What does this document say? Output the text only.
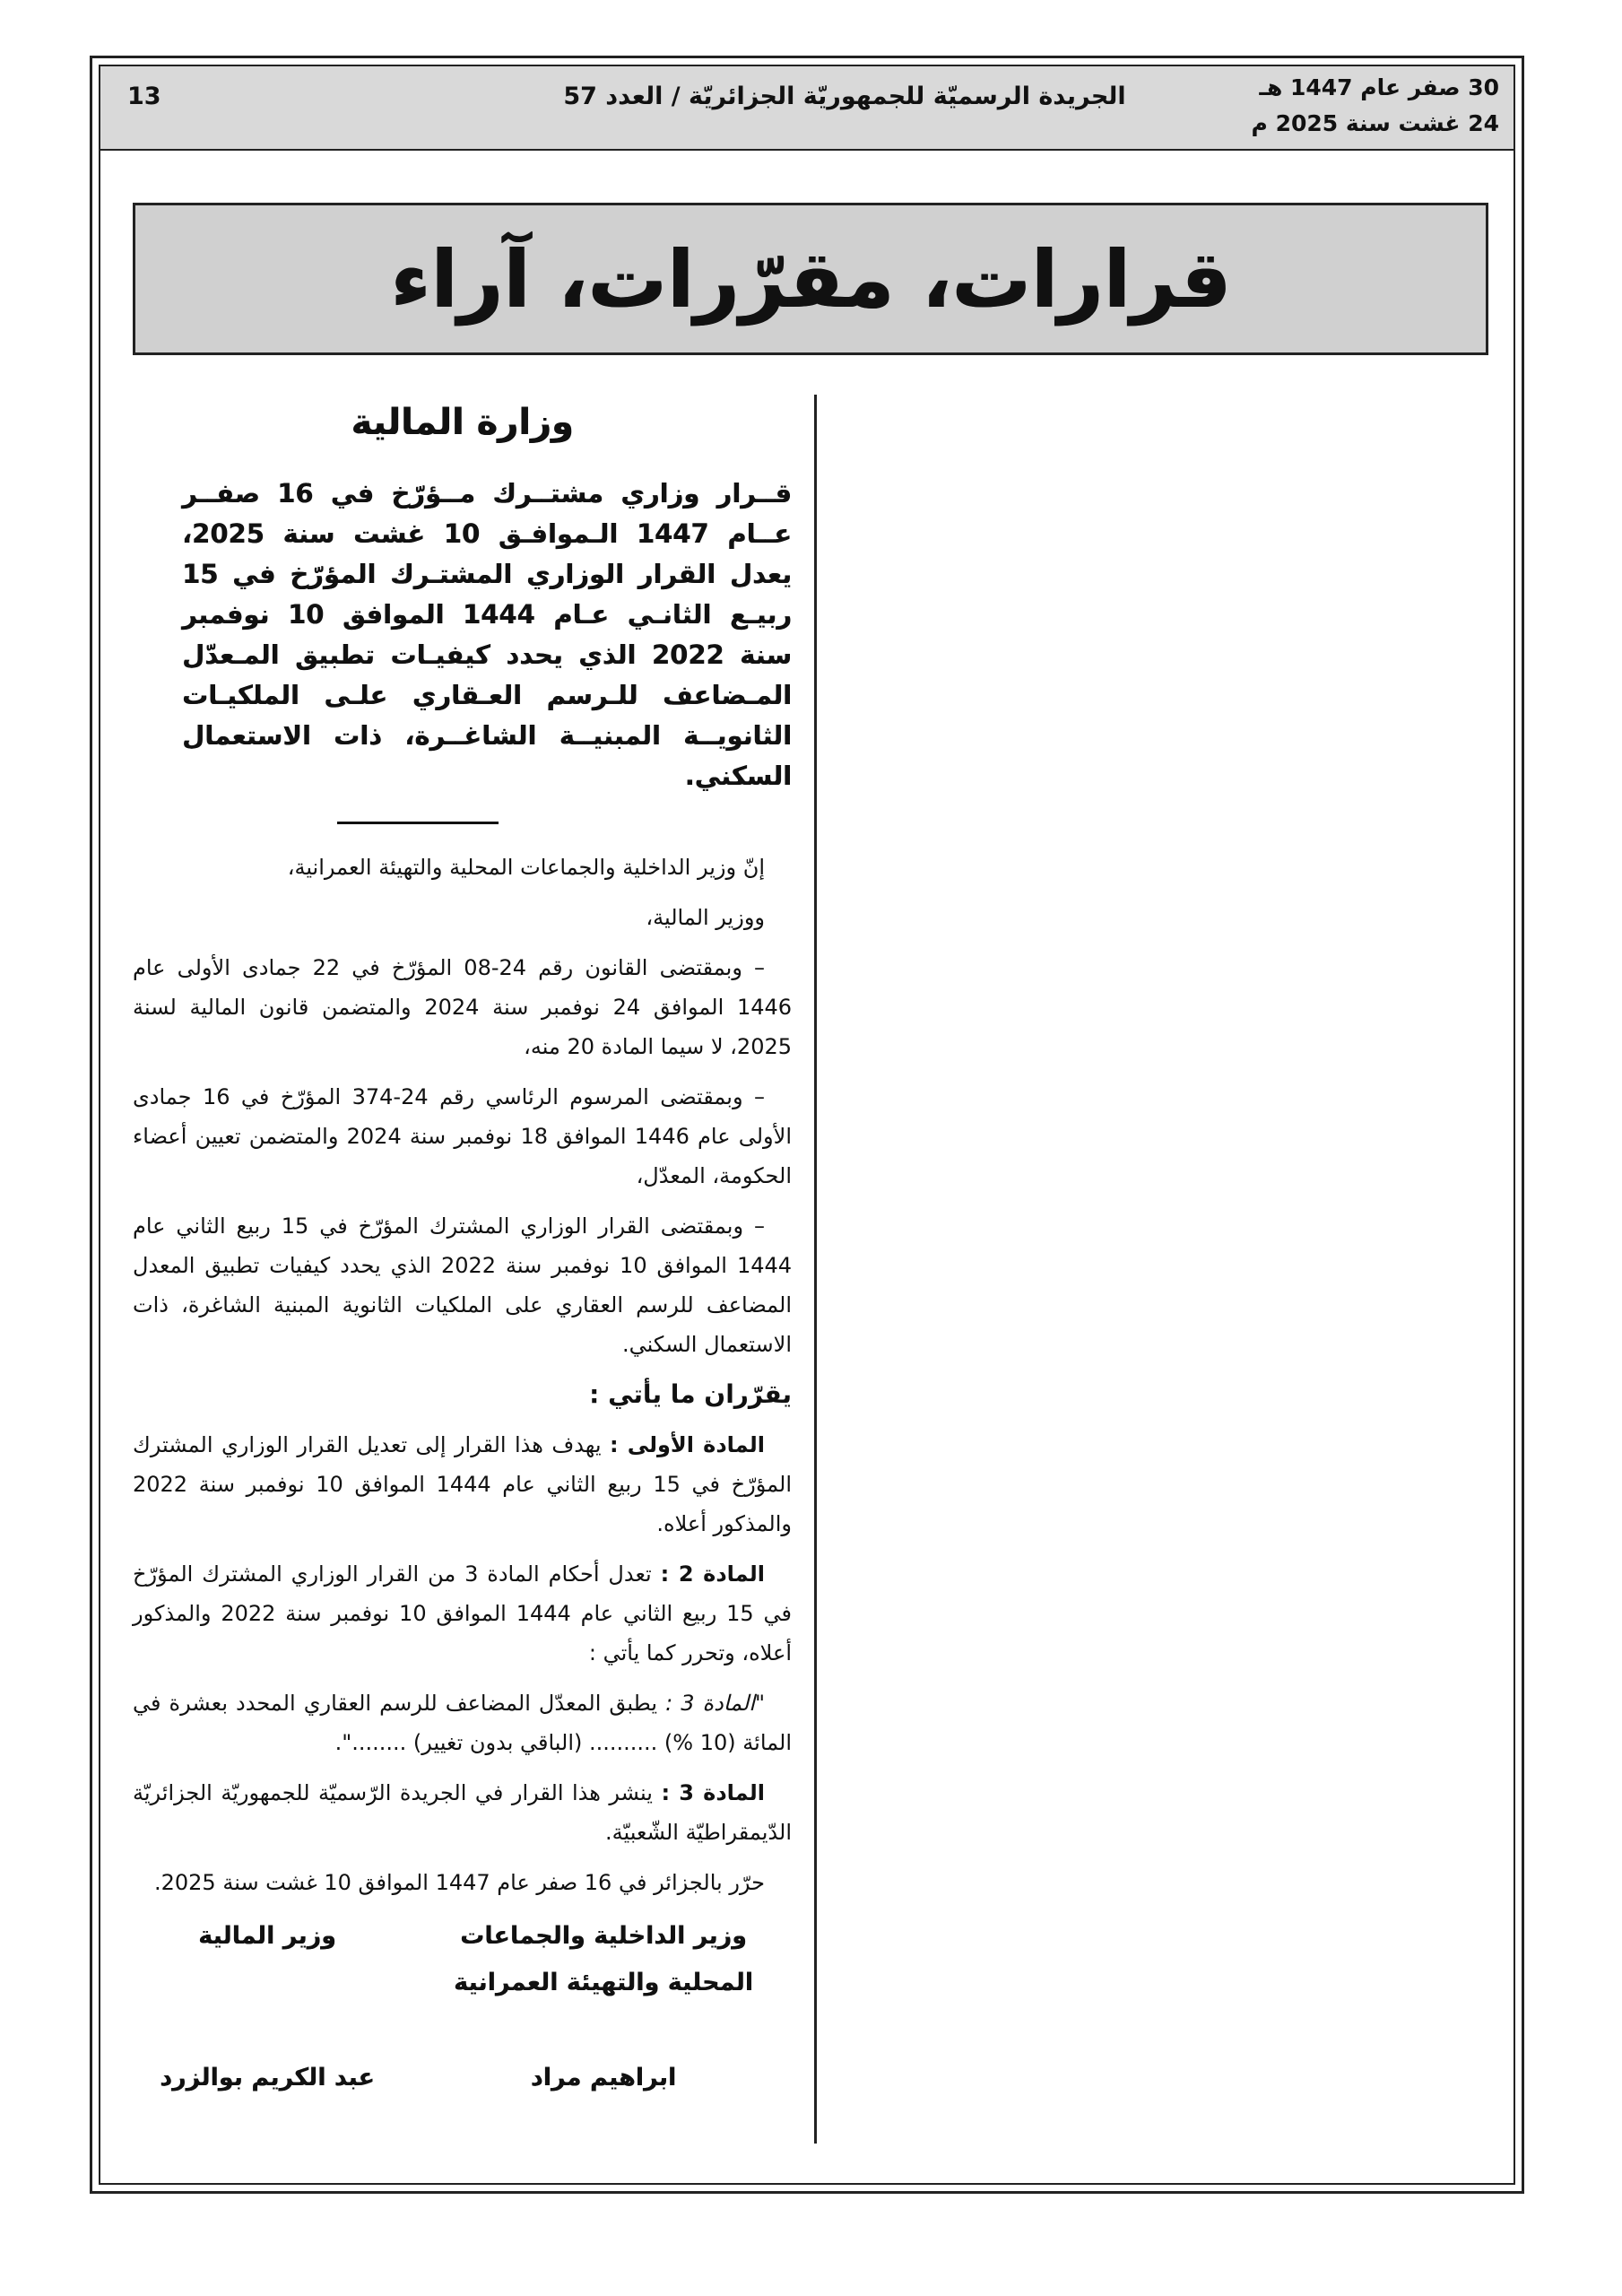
30 صفر عام 1447 هـ
24 غشت سنة 2025 م
الجريدة الرسميّة للجمهوريّة الجزائريّة / العدد 57
13
قرارات، مقرّرات، آراء
وزارة المالية
قــرار وزاري مشتــرك مــؤرّخ في 16 صفــر عــام 1447 الـموافـق 10 غشت سنة 2025، يعدل القرار الوزاري المشتـرك المؤرّخ في 15 ربيـع الثانـي عـام 1444 الموافق 10 نوفمبر سنة 2022 الذي يحدد كيفيـات تطبيق المـعدّل المـضاعف للـرسم العـقاري علـى الملكيـات الثانويــة المبنيــة الشاغــرة، ذات الاستعمال السكني.

إنّ وزير الداخلية والجماعات المحلية والتهيئة العمرانية،

ووزير المالية،

– وبمقتضى القانون رقم 24-08 المؤرّخ في 22 جمادى الأولى عام 1446 الموافق 24 نوفمبر سنة 2024 والمتضمن قانون المالية لسنة 2025، لا سيما المادة 20 منه،

– وبمقتضى المرسوم الرئاسي رقم 24-374 المؤرّخ في 16 جمادى الأولى عام 1446 الموافق 18 نوفمبر سنة 2024 والمتضمن تعيين أعضاء الحكومة، المعدّل،

– وبمقتضى القرار الوزاري المشترك المؤرّخ في 15 ربيع الثاني عام 1444 الموافق 10 نوفمبر سنة 2022 الذي يحدد كيفيات تطبيق المعدل المضاعف للرسم العقاري على الملكيات الثانوية المبنية الشاغرة، ذات الاستعمال السكني.

يقرّران ما يأتي :

المادة الأولى : يهدف هذا القرار إلى تعديل القرار الوزاري المشترك المؤرّخ في 15 ربيع الثاني عام 1444 الموافق 10 نوفمبر سنة 2022 والمذكور أعلاه.

المادة 2 : تعدل أحكام المادة 3 من القرار الوزاري المشترك المؤرّخ في 15 ربيع الثاني عام 1444 الموافق 10 نوفمبر سنة 2022 والمذكور أعلاه، وتحرر كما يأتي :

"المادة 3 : يطبق المعدّل المضاعف للرسم العقاري المحدد بعشرة في المائة (10 %) .......... (الباقي بدون تغيير) ........".

المادة 3 : ينشر هذا القرار في الجريدة الرّسميّة للجمهوريّة الجزائريّة الدّيمقراطيّة الشّعبيّة.

حرّر بالجزائر في 16 صفر عام 1447 الموافق 10 غشت سنة 2025.

وزير الداخلية والجماعات المحلية والتهيئة العمرانية
وزير المالية
ابراهيم مراد
عبد الكريم بوالزرد
